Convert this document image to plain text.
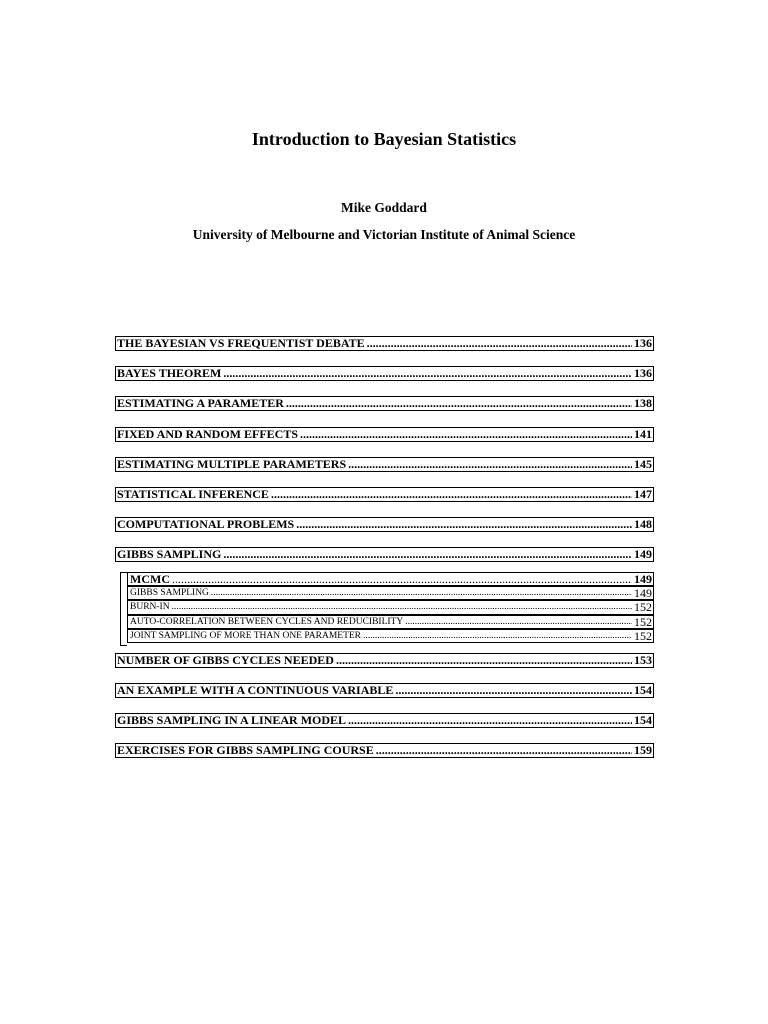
Introduction to Bayesian Statistics
Mike Goddard
University of Melbourne and Victorian Institute of Animal Science
THE BAYESIAN VS FREQUENTIST DEBATE .....	136
BAYES THEOREM .....	136
ESTIMATING A PARAMETER .....	138
FIXED AND RANDOM EFFECTS .....	141
ESTIMATING MULTIPLE PARAMETERS .....	145
STATISTICAL INFERENCE .....	147
COMPUTATIONAL PROBLEMS .....	148
GIBBS SAMPLING .....	149
MCMC .....	149
GIBBS SAMPLING .....	149
BURN-IN .....	152
AUTO-CORRELATION BETWEEN CYCLES AND REDUCIBILITY .....	152
JOINT SAMPLING OF MORE THAN ONE PARAMETER .....	152
NUMBER OF GIBBS CYCLES NEEDED .....	153
AN EXAMPLE WITH A CONTINUOUS VARIABLE .....	154
GIBBS SAMPLING IN A LINEAR MODEL .....	154
EXERCISES FOR GIBBS SAMPLING COURSE .....	159
